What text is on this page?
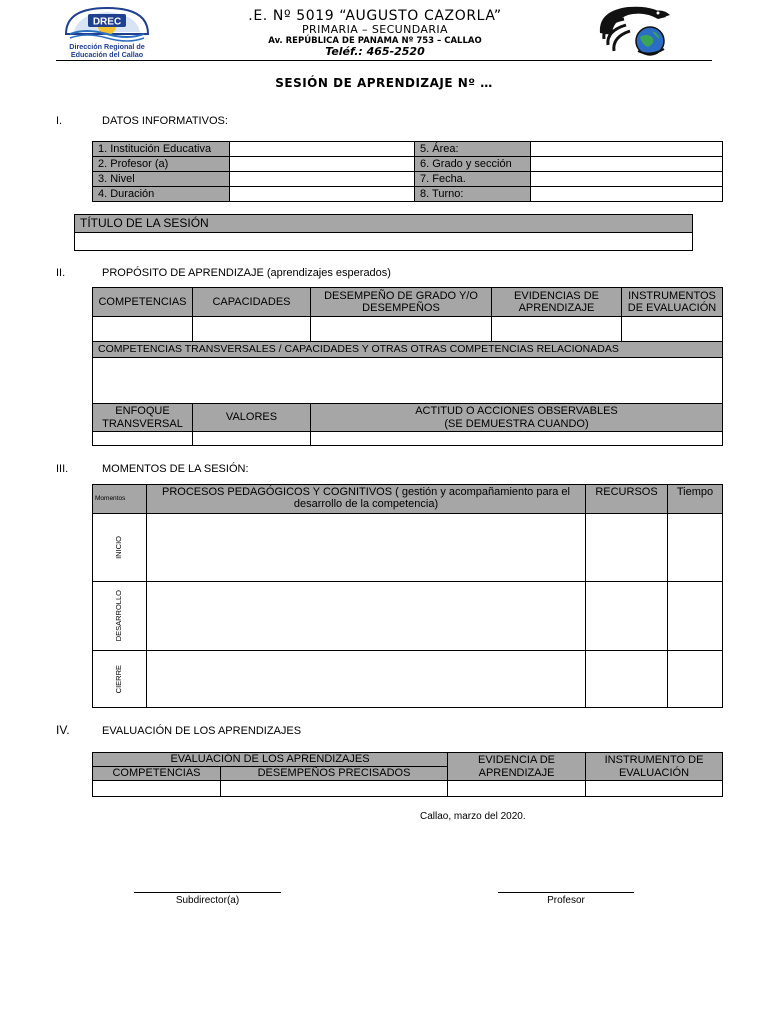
DREC
Dirección Regional de
Educación del Callao
.E. Nº 5019 “AUGUSTO CAZORLA”
PRIMARIA – SECUNDARIA
Av. REPÚBLICA DE PANAMA Nº 753 – CALLAO
Teléf.: 465-2520
SESIÓN DE APRENDIZAJE Nº …
I.	DATOS INFORMATIVOS:
1. Institución Educativa		5. Área:	
2. Profesor (a)		6. Grado y sección	
3. Nivel		7. Fecha.	
4. Duración		8. Turno:	
TÍTULO DE LA SESIÓN

II.	PROPÓSITO DE APRENDIZAJE (aprendizajes esperados)
COMPETENCIAS	CAPACIDADES	DESEMPEÑO DE GRADO Y/O DESEMPEÑOS	EVIDENCIAS DE APRENDIZAJE	INSTRUMENTOS DE EVALUACIÓN

COMPETENCIAS TRANSVERSALES / CAPACIDADES Y OTRAS OTRAS COMPETENCIAS RELACIONADAS				

ENFOQUE TRANSVERSAL	VALORES	ACTITUD O ACCIONES OBSERVABLES
(SE DEMUESTRA CUANDO)		

III.	MOMENTOS DE LA SESIÓN:
Momentos	PROCESOS PEDAGÓGICOS Y COGNITIVOS ( gestión y acompañamiento para el desarrollo de la competencia)	RECURSOS	Tiempo

INICIO			

DESARROLLO			

CIERRE			

IV.	EVALUACIÓN DE LOS APRENDIZAJES
EVALUACIÓN DE LOS APRENDIZAJES		EVIDENCIA DE APRENDIZAJE	INSTRUMENTO DE EVALUACIÓN
COMPETENCIAS	DESEMPEÑOS PRECISADOS		

Callao, marzo del 2020.
Subdirector(a)	Profesor
